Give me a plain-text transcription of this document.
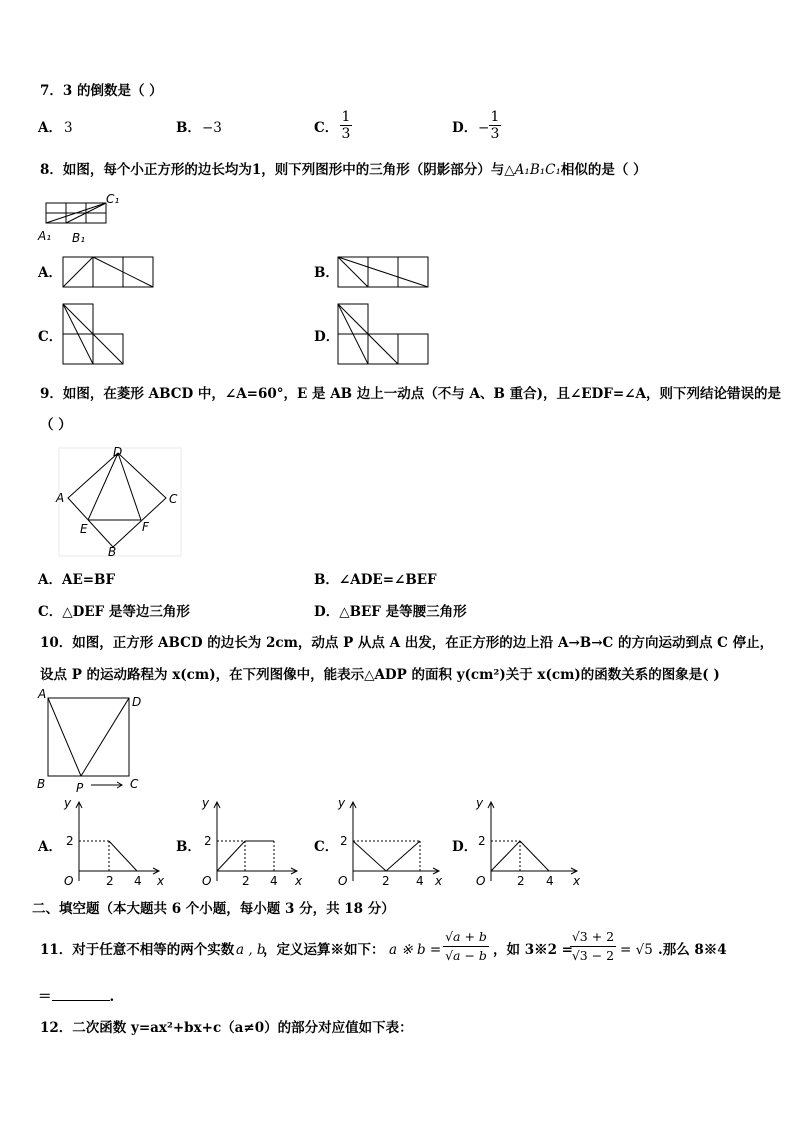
7．3 的倒数是（ ）
A． 3	B． −3	C． $\frac{1}{3}$	D． − $\frac{1}{3}$
8．如图，每个小正方形的边长均为1，则下列图形中的三角形（阴影部分）与△A₁B₁C₁相似的是（ ）
C₁
A₁ B₁
A．	B．
C．	D．
9．如图，在菱形 ABCD 中，∠A=60°，E 是 AB 边上一动点（不与 A、B 重合)，且∠EDF=∠A，则下列结论错误的是
（ ）
D
A	C
E	F
B
A．AE=BF	B．∠ADE=∠BEF
C．△DEF 是等边三角形	D．△BEF 是等腰三角形
10．如图，正方形 ABCD 的边长为 2cm，动点 P 从点 A 出发，在正方形的边上沿 A→B→C 的方向运动到点 C 停止，
设点 P 的运动路程为 x(cm)，在下列图像中，能表示△ADP 的面积 y(cm²)关于 x(cm)的函数关系的图象是( )
A
D
B	C
P
A．
y
2
O	2 4 x
B．
y
2
O	2 4 x
C．
y
2
O	2 4 x
D．
y
2
O	2 4 x
二、填空题（本大题共 6 个小题，每小题 3 分，共 18 分）
11．对于任意不相等的两个实数 a , b
，定义运算※如下： a ※ $b = \frac{√a + b}{√a - b}$ ，如 3※2 =
$\frac{√3 + 2}{√3 - 2} = √5$ .那么 8※4
＝	.
12．二次函数 y=ax²+bx+c（a≠0）的部分对应值如下表：
